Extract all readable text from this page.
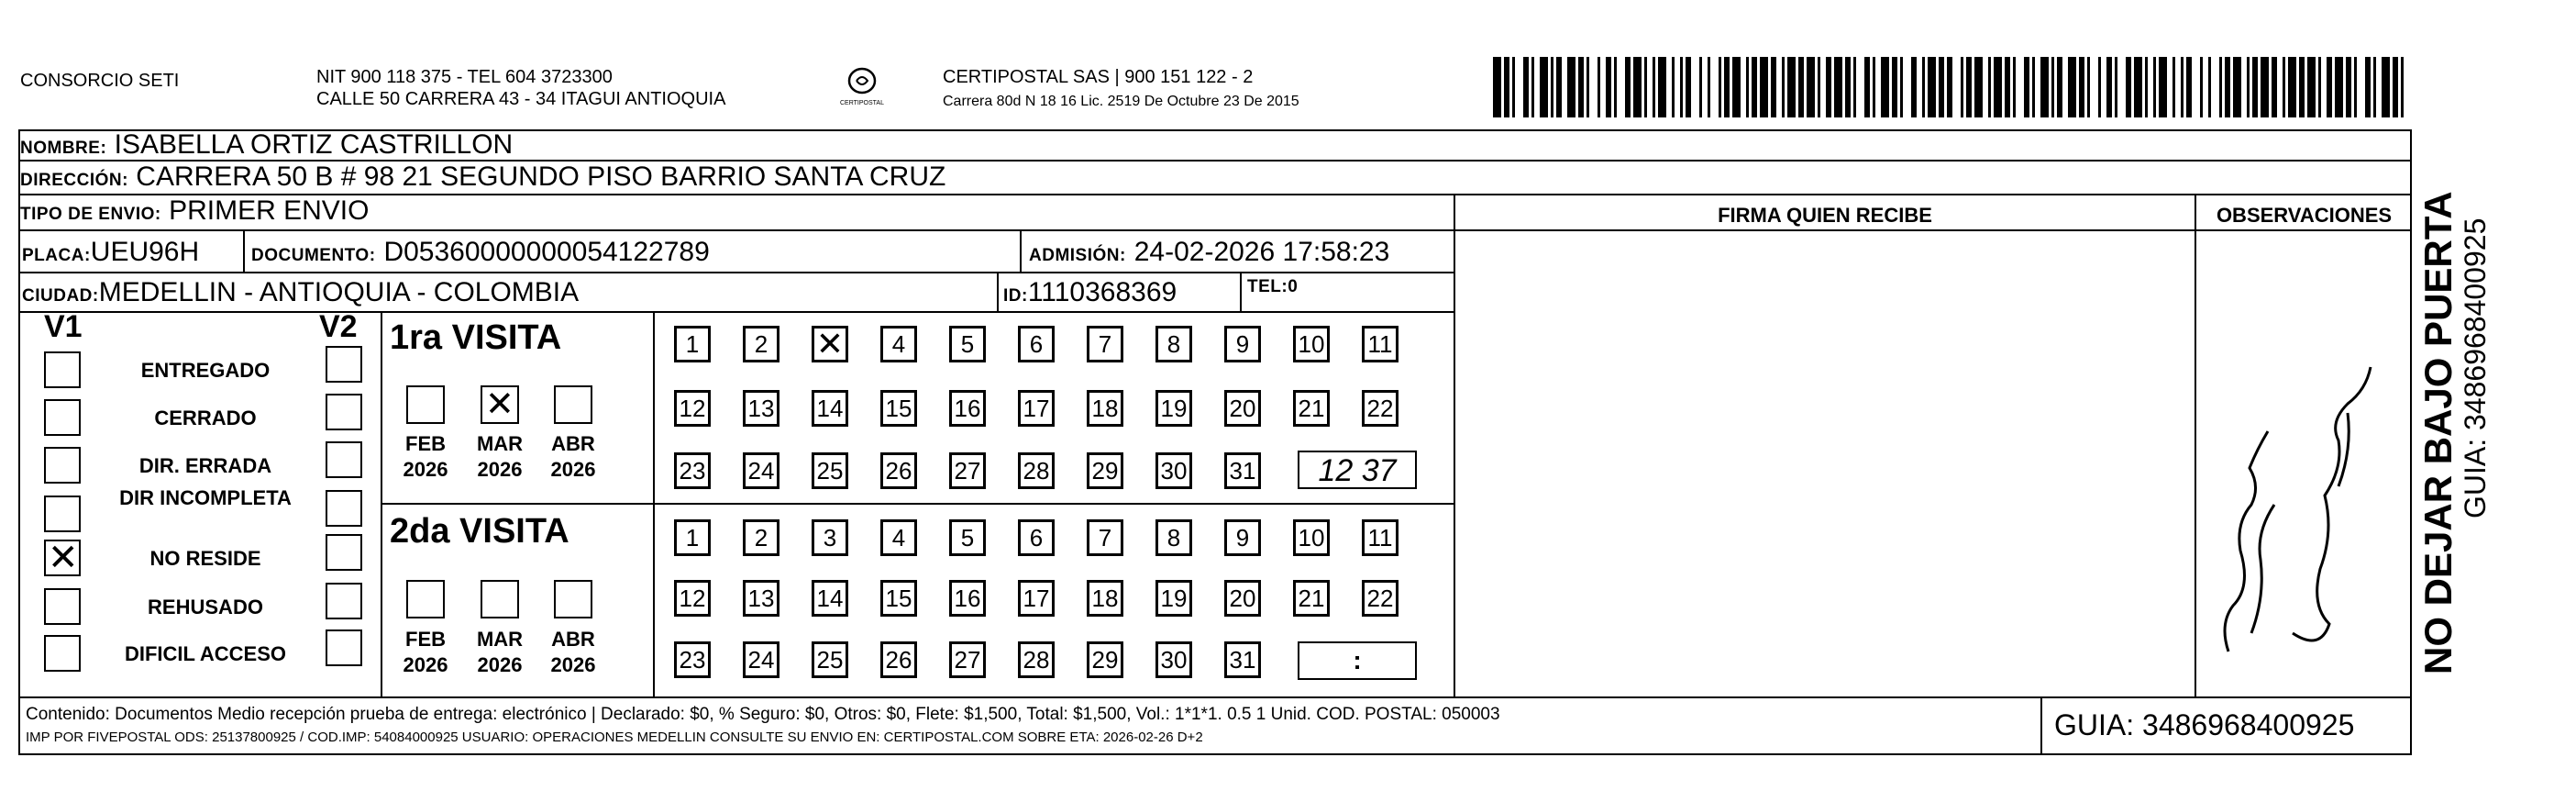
CONSORCIO SETI	NIT 900 118 375 - TEL 604 3723300
CALLE 50 CARRERA 43 - 34 ITAGUI ANTIOQUIA	CERTIPOSTAL
CERTIPOSTAL SAS | 900 151 122 - 2
Carrera 80d N 18 16 Lic. 2519 De Octubre 23 De 2015
NOMBRE: ISABELLA ORTIZ CASTRILLON
DIRECCIÓN: CARRERA 50 B # 98 21 SEGUNDO PISO BARRIO SANTA CRUZ
TIPO DE ENVIO: PRIMER ENVIO	FIRMA QUIEN RECIBE	OBSERVACIONES
PLACA:UEU96H	DOCUMENTO: D05360000000054122789	ADMISIÓN: 24-02-2026 17:58:23
CIUDAD:MEDELLIN - ANTIOQUIA - COLOMBIA	ID:1110368369	TEL:0
V1	V2
ENTREGADO
CERRADO
DIR. ERRADA
DIR INCOMPLETA
✕	NO RESIDE
REHUSADO
DIFICIL ACCESO
1ra VISITA
2da VISITA
FEB
2026
✕
MAR
2026
ABR
2026
FEB
2026
MAR
2026
ABR
2026
1	2	✕	4	5	6	7	8	9	10 11
12 13 14 15 16 17 18 19 20 21 22
23 24 25 26 27 28 29 30 31
1	2	3	4	5	6	7	8	9	10 11
12 13 14 15 16 17 18 19 20 21 22
23 24 25 26 27 28 29 30 31
12 37
:
Contenido: Documentos Medio recepción prueba de entrega: electrónico | Declarado: $0, % Seguro: $0, Otros: $0, Flete: $1,500, Total: $1,500, Vol.: 1*1*1. 0.5 1 Unid. COD. POSTAL: 050003
IMP POR FIVEPOSTAL ODS: 25137800925 / COD.IMP: 54084000925 USUARIO: OPERACIONES MEDELLIN CONSULTE SU ENVIO EN: CERTIPOSTAL.COM SOBRE ETA: 2026-02-26 D+2	GUIA: 3486968400925
NO DEJAR BAJO PUERTA GUIA: 3486968400925
